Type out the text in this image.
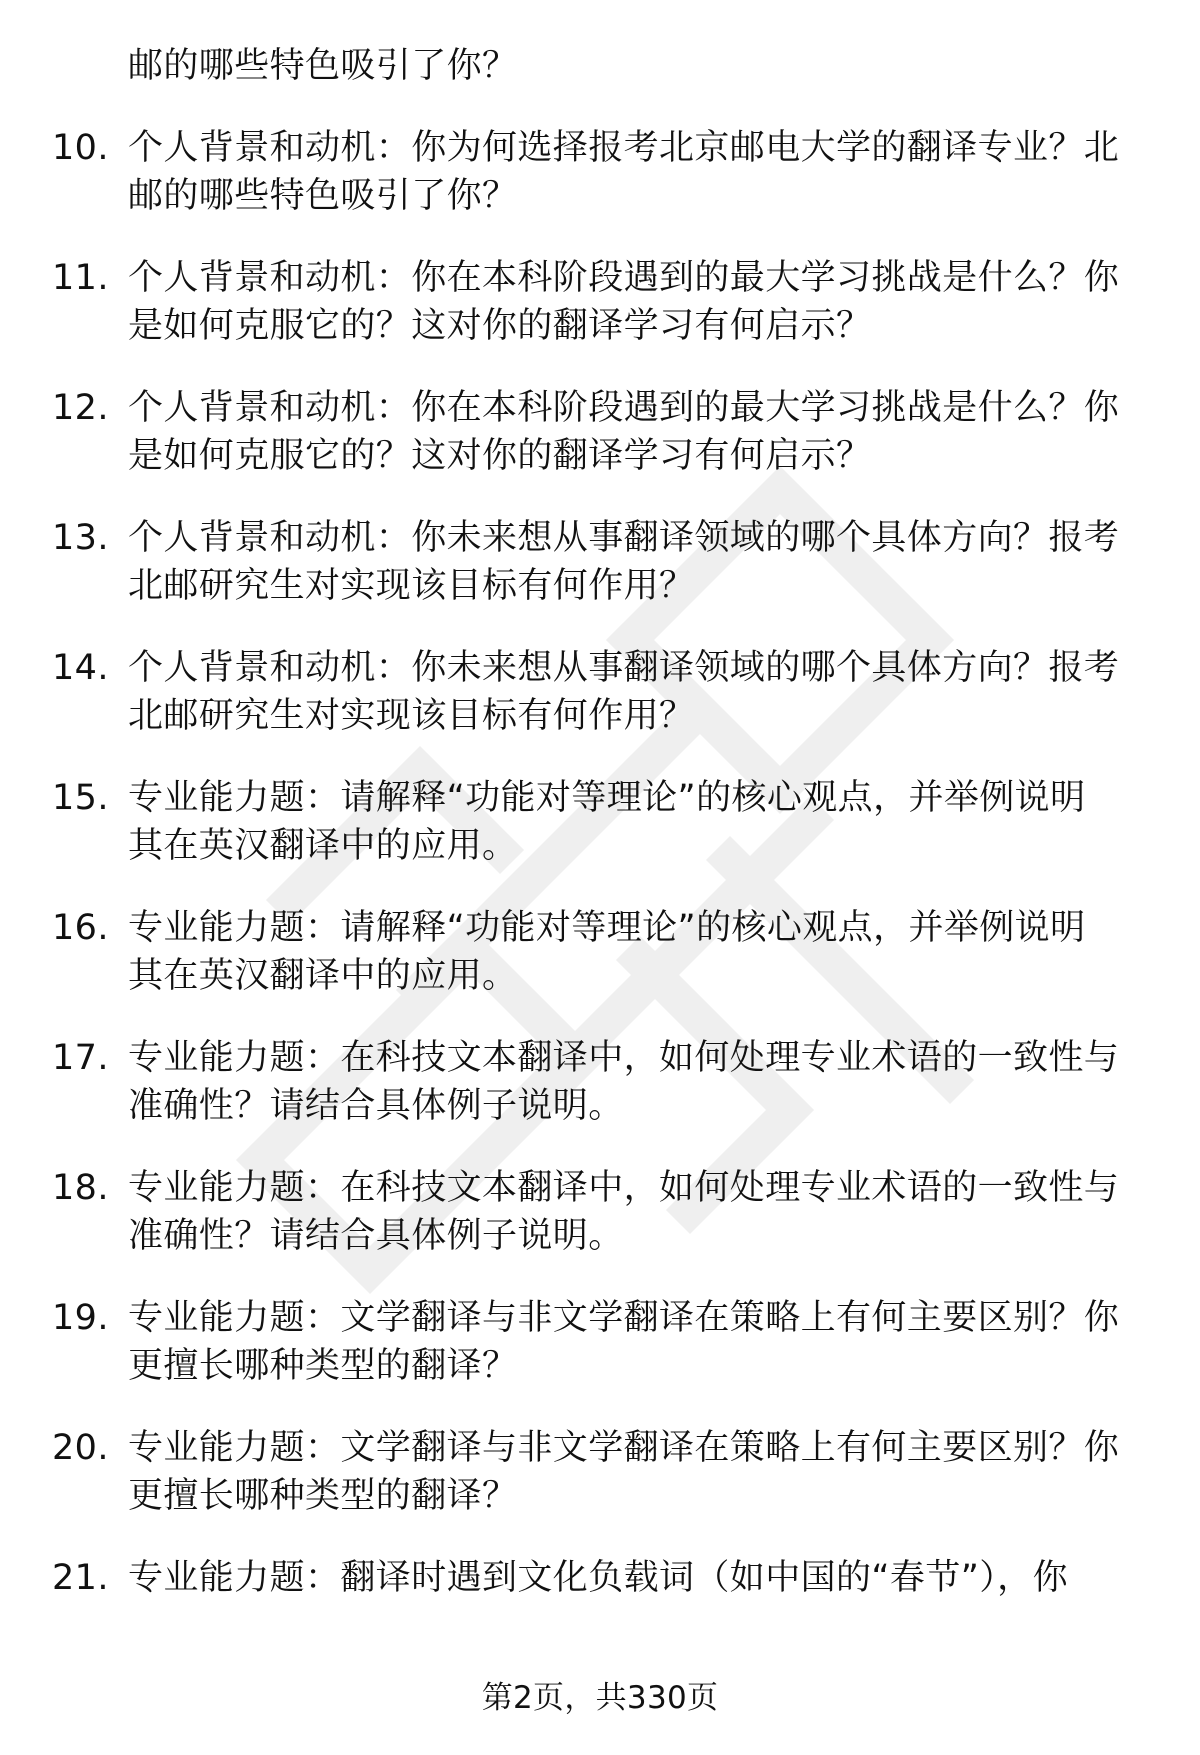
邮的哪些特色吸引了你？
10. 个人背景和动机：你为何选择报考北京邮电大学的翻译专业？北
邮的哪些特色吸引了你？
11. 个人背景和动机：你在本科阶段遇到的最大学习挑战是什么？你
是如何克服它的？这对你的翻译学习有何启示？
12. 个人背景和动机：你在本科阶段遇到的最大学习挑战是什么？你
是如何克服它的？这对你的翻译学习有何启示？
13. 个人背景和动机：你未来想从事翻译领域的哪个具体方向？报考
北邮研究生对实现该目标有何作用？
14. 个人背景和动机：你未来想从事翻译领域的哪个具体方向？报考
北邮研究生对实现该目标有何作用？
15. 专业能力题：请解释“功能对等理论”的核心观点，并举例说明
其在英汉翻译中的应用。
16. 专业能力题：请解释“功能对等理论”的核心观点，并举例说明
其在英汉翻译中的应用。
17. 专业能力题：在科技文本翻译中，如何处理专业术语的一致性与
准确性？请结合具体例子说明。
18. 专业能力题：在科技文本翻译中，如何处理专业术语的一致性与
准确性？请结合具体例子说明。
19. 专业能力题：文学翻译与非文学翻译在策略上有何主要区别？你
更擅长哪种类型的翻译？
20. 专业能力题：文学翻译与非文学翻译在策略上有何主要区别？你
更擅长哪种类型的翻译？
21. 专业能力题：翻译时遇到文化负载词（如中国的“春节”），你
第2页，共330页
